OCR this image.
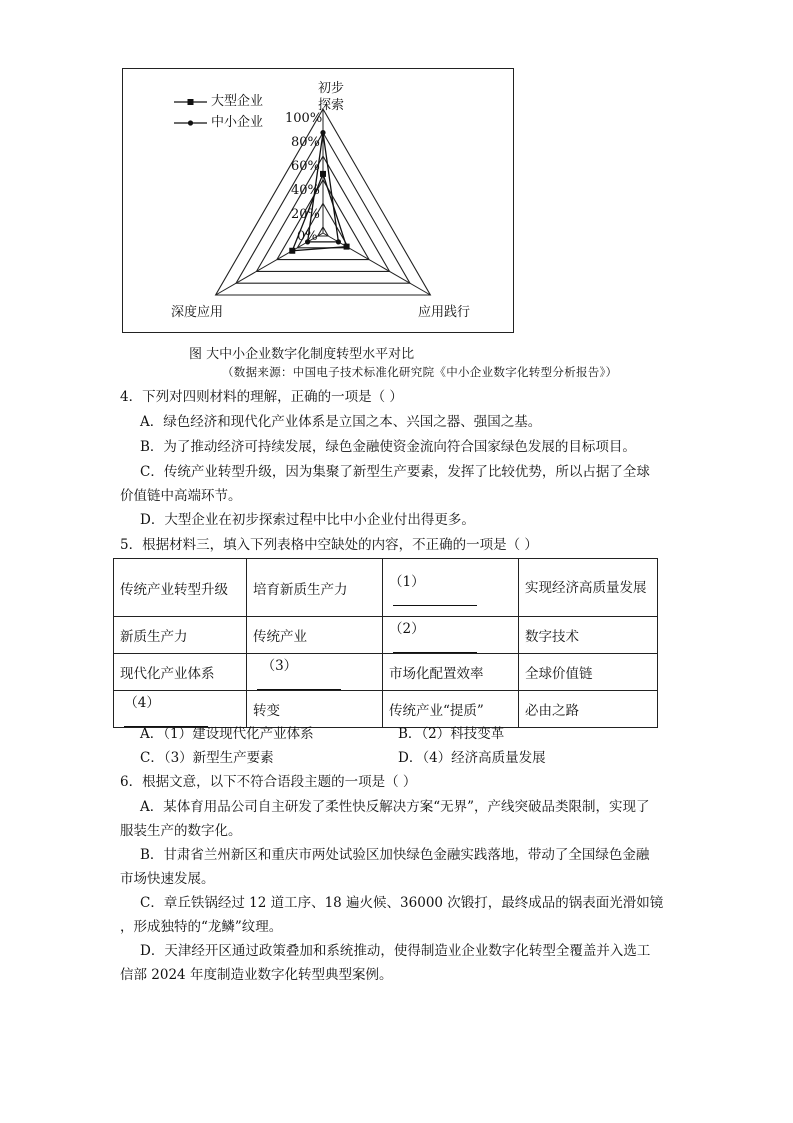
初步
探索
深度应用	应用践行
100%
80%
60%
40%
20%
0%
大型企业
中小企业
图 大中小企业数字化制度转型水平对比
（数据来源：中国电子技术标准化研究院《中小企业数字化转型分析报告》）
4．下列对四则材料的理解，正确的一项是（ ）
A．绿色经济和现代化产业体系是立国之本、兴国之器、强国之基。
B．为了推动经济可持续发展，绿色金融使资金流向符合国家绿色发展的目标项目。
C．传统产业转型升级，因为集聚了新型生产要素，发挥了比较优势，所以占据了全球
价值链中高端环节。
D．大型企业在初步探索过程中比中小企业付出得更多。
5．根据材料三，填入下列表格中空缺处的内容，不正确的一项是（ ）
传统产业转型升级	培育新质生产力	（1）	实现经济高质量发展
新质生产力	传统产业	（2）	数字技术
现代化产业体系	（3）	市场化配置效率	全球价值链
（4）	转变	传统产业“提质”	必由之路
A．（1）建设现代化产业体系	B．（2）科技变革
C．（3）新型生产要素	D．（4）经济高质量发展
6．根据文意，以下不符合语段主题的一项是（ ）
A．某体育用品公司自主研发了柔性快反解决方案“无界”，产线突破品类限制，实现了
服装生产的数字化。
B．甘肃省兰州新区和重庆市两处试验区加快绿色金融实践落地，带动了全国绿色金融
市场快速发展。
C．章丘铁锅经过 12 道工序、18 遍火候、36000 次锻打，最终成品的锅表面光滑如镜
，形成独特的“龙鳞”纹理。
D．天津经开区通过政策叠加和系统推动，使得制造业企业数字化转型全覆盖并入选工
信部 2024 年度制造业数字化转型典型案例。
